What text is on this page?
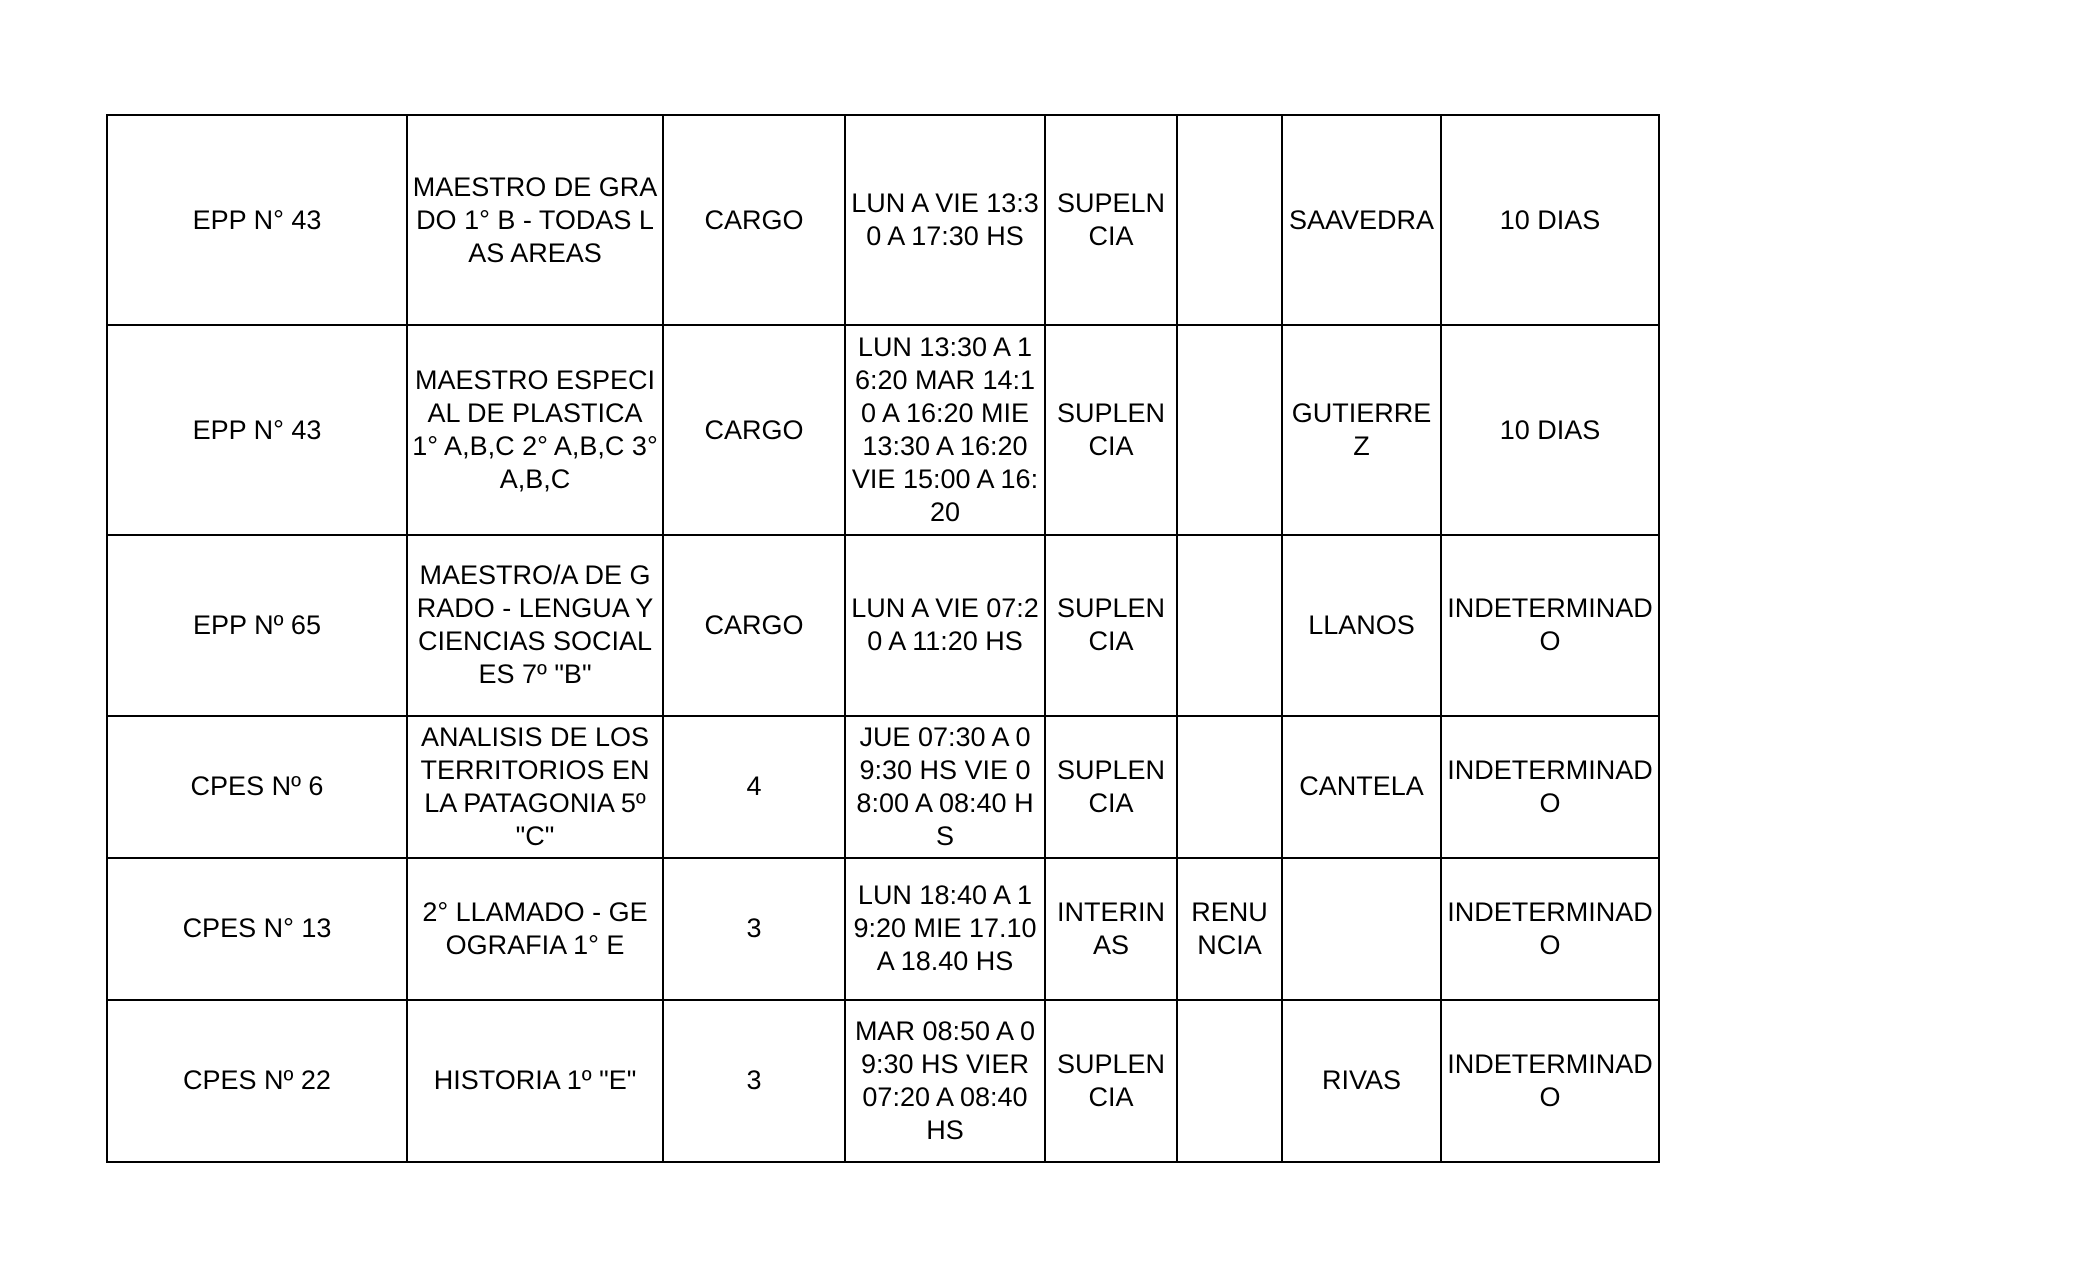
EPP N° 43	MAESTRO DE GRADO 1° B - TODAS LAS AREAS	CARGO	LUN A VIE 13:30 A 17:30 HS	SUPELN CIA		SAAVEDRA	10 DIAS
EPP N° 43	MAESTRO ESPECIAL DE PLASTICA 1° A,B,C 2° A,B,C 3° A,B,C	CARGO	LUN 13:30 A 16:20 MAR 14:10 A 16:20 MIE 13:30 A 16:20 VIE 15:00 A 16:20	SUPLEN CIA		GUTIERRE Z	10 DIAS
EPP Nº 65	MAESTRO/A DE GRADO - LENGUA Y CIENCIAS SOCIALES 7º "B"	CARGO	LUN A VIE 07:20 A 11:20 HS	SUPLEN CIA		LLANOS	INDETERMINAD O
CPES Nº 6	ANALISIS DE LOS TERRITORIOS EN LA PATAGONIA 5º "C"	4	JUE 07:30 A 09:30 HS VIE 08:00 A 08:40 HS	SUPLEN CIA		CANTELA	INDETERMINAD O
CPES N° 13	2° LLAMADO - GEOGRAFIA 1° E	3	LUN 18:40 A 19:20 MIE 17.10 A 18.40 HS	INTERIN AS	RENU NCIA		INDETERMINAD O
CPES Nº 22	HISTORIA 1º "E"	3	MAR 08:50 A 09:30 HS VIER 07:20 A 08:40 HS	SUPLEN CIA		RIVAS	INDETERMINAD O
